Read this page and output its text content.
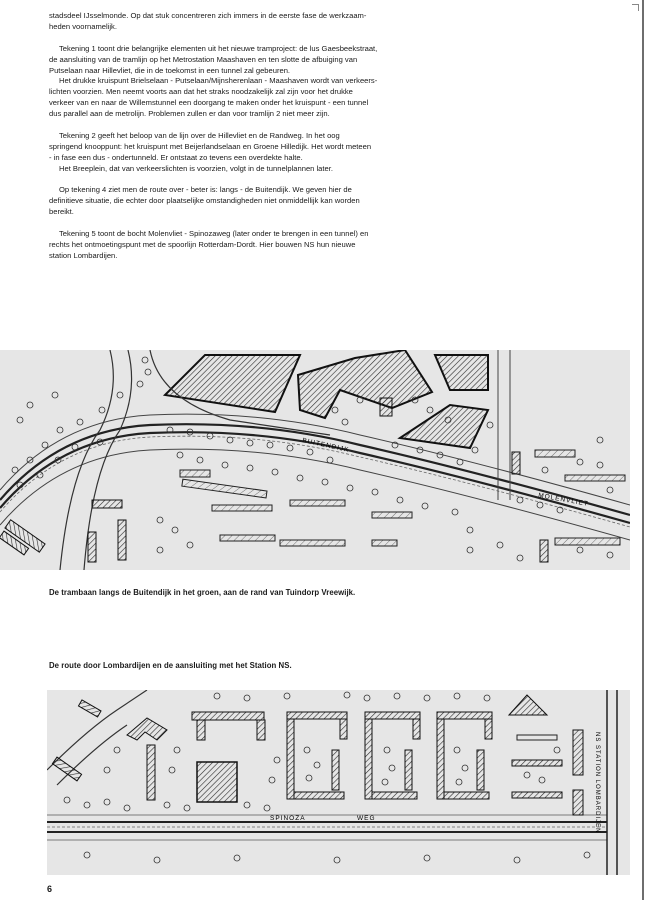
stadsdeel IJsselmonde. Op dat stuk concentreren zich immers in de eerste fase de werkzaam-
heden voornamelijk.

Tekening 1 toont drie belangrijke elementen uit het nieuwe tramproject: de lus Gaesbeekstraat,
de aansluiting van de tramlijn op het Metrostation Maashaven en ten slotte de afbuiging van
Putselaan naar Hillevliet, die in de toekomst in een tunnel zal gebeuren.
Het drukke kruispunt Brielselaan - Putselaan/Mijnsherenlaan - Maashaven wordt van verkeers-
lichten voorzien. Men neemt voorts aan dat het straks noodzakelijk zal zijn voor het drukke
verkeer van en naar de Willemstunnel een doorgang te maken onder het kruispunt - een tunnel
dus parallel aan de metrolijn. Problemen zullen er dan voor tramlijn 2 niet meer zijn.

Tekening 2 geeft het beloop van de lijn over de Hillevliet en de Randweg. In het oog
springend knooppunt: het kruispunt met Beijerlandselaan en Groene Hilledijk. Het wordt meteen
- in fase een dus - ondertunneld. Er ontstaat zo tevens een overdekte halte.
Het Breeplein, dat van verkeerslichten is voorzien, volgt in de tunnelplannen later.

Op tekening 4 ziet men de route over - beter is: langs - de Buitendijk. We geven hier de
definitieve situatie, die echter door plaatselijke omstandigheden niet onmiddellijk kan worden
bereikt.

Tekening 5 toont de bocht Molenvliet - Spinozaweg (later onder te brengen in een tunnel) en
rechts het ontmoetingspunt met de spoorlijn Rotterdam-Dordt. Hier bouwen NS hun nieuwe
station Lombardijen.

BUITENDIJK
MOLENVLIET
De trambaan langs de Buitendijk in het groen, aan de rand van Tuindorp Vreewijk.
De route door Lombardijen en de aansluiting met het Station NS.
SPINOZA	WEG	NS STATION LOMBARDIJEN
6
